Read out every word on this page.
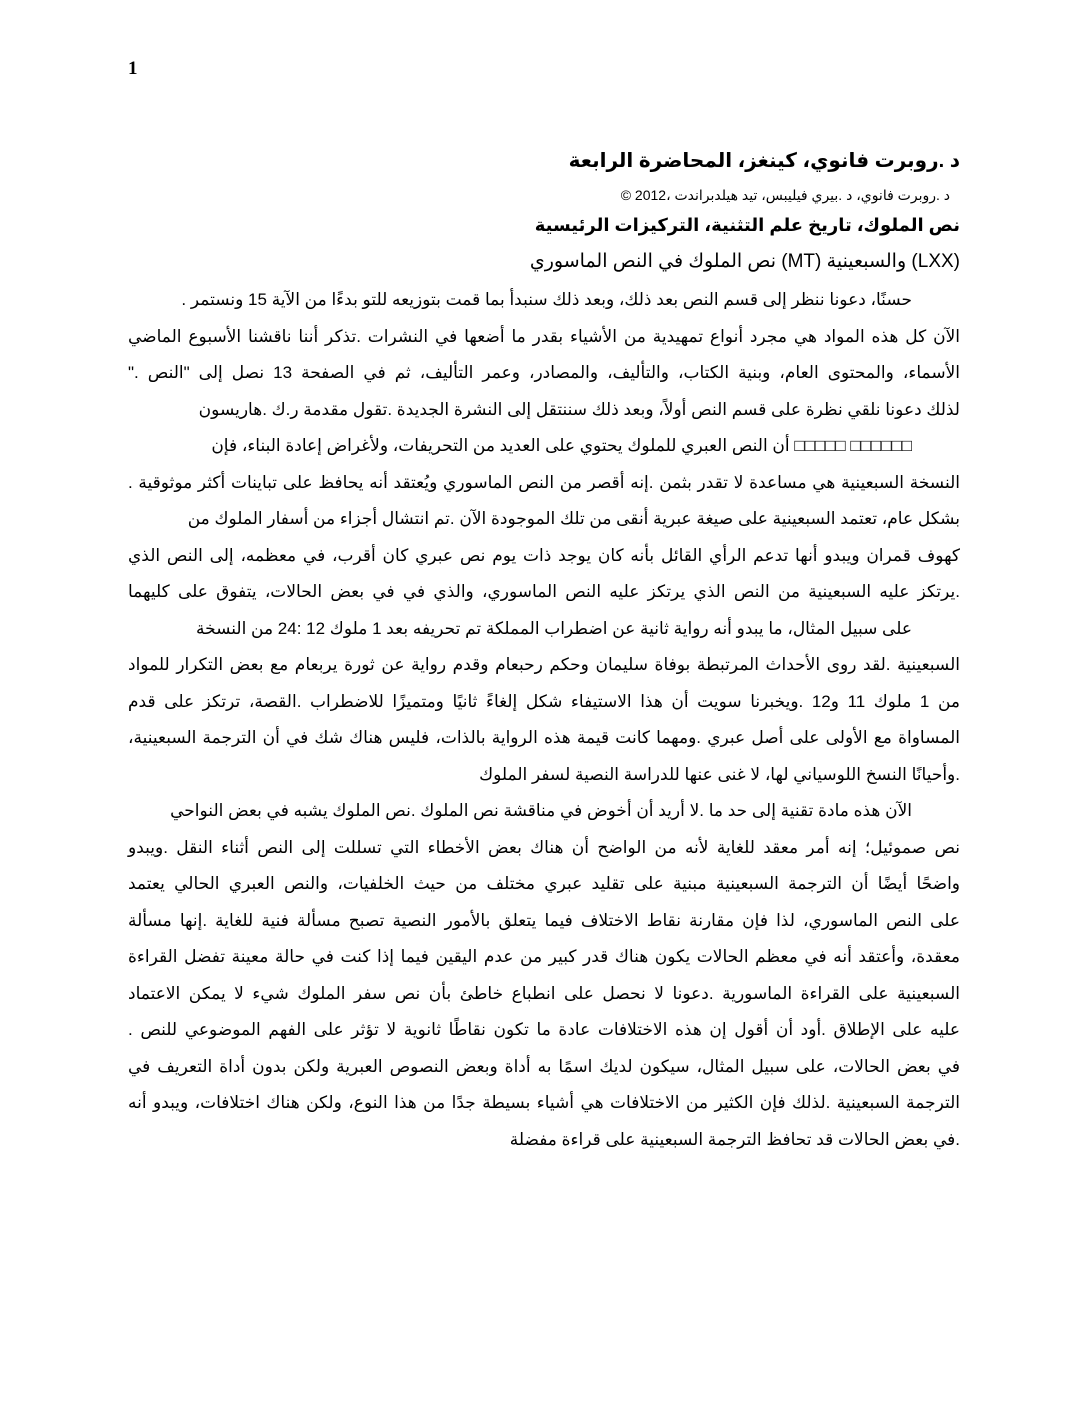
1

د .روبرت فانوي، كينغز، المحاضرة الرابعة

د .روبرت فانوي، د .بيري فيليبس، تيد هيلدبراندت ،2012 ©

نص الملوك، تاريخ علم التثنية، التركيزات الرئيسية

(LXX) والسبعينية (MT) نص الملوك في النص الماسوري

حسنًا، دعونا ننظر إلى قسم النص بعد ذلك، وبعد ذلك سنبدأ بما قمت بتوزيعه للتو بدءًا من الآية 15 ونستمر .
الآن كل هذه المواد هي مجرد أنواع تمهيدية من الأشياء بقدر ما أضعها في النشرات .تذكر أننا ناقشنا الأسبوع الماضي
الأسماء، والمحتوى العام، وبنية الكتاب، والتأليف، والمصادر، وعمر التأليف، ثم في الصفحة 13 نصل إلى "النص ."
لذلك دعونا نلقي نظرة على قسم النص أولاً، وبعد ذلك سننتقل إلى النشرة الجديدة .تقول مقدمة ر.ك .هاريسون
□□□□□□ □□□□□ أن النص العبري للملوك يحتوي على العديد من التحريفات، ولأغراض إعادة البناء، فإن
النسخة السبعينية هي مساعدة لا تقدر بثمن .إنه أقصر من النص الماسوري ويُعتقد أنه يحافظ على تباينات أكثر موثوقية .
بشكل عام، تعتمد السبعينية على صيغة عبرية أنقى من تلك الموجودة الآن .تم انتشال أجزاء من أسفار الملوك من
كهوف قمران ويبدو أنها تدعم الرأي القائل بأنه كان يوجد ذات يوم نص عبري كان أقرب، في معظمه، إلى النص الذي
.يرتكز عليه السبعينية من النص الذي يرتكز عليه النص الماسوري، والذي في في بعض الحالات، يتفوق على كليهما
على سبيل المثال، ما يبدو أنه رواية ثانية عن اضطراب المملكة تم تحريفه بعد 1 ملوك 12 :24 من النسخة
السبعينية .لقد روى الأحداث المرتبطة بوفاة سليمان وحكم رحبعام وقدم رواية عن ثورة يربعام مع بعض التكرار للمواد
من 1 ملوك 11 و12 .ويخبرنا سويت أن هذا الاستيفاء شكل إلغاءً ثانيًا ومتميزًا للاضطراب .القصة، ترتكز على قدم
المساواة مع الأولى على أصل عبري .ومهما كانت قيمة هذه الرواية بالذات، فليس هناك شك في أن الترجمة السبعينية،
.وأحيانًا النسخ اللوسياني لها، لا غنى عنها للدراسة النصية لسفر الملوك
الآن هذه مادة تقنية إلى حد ما .لا أريد أن أخوض في مناقشة نص الملوك .نص الملوك يشبه في بعض النواحي
نص صموئيل؛ إنه أمر معقد للغاية لأنه من الواضح أن هناك بعض الأخطاء التي تسللت إلى النص أثناء النقل .ويبدو
واضحًا أيضًا أن الترجمة السبعينية مبنية على تقليد عبري مختلف من حيث الخلفيات، والنص العبري الحالي يعتمد
على النص الماسوري، لذا فإن مقارنة نقاط الاختلاف فيما يتعلق بالأمور النصية تصبح مسألة فنية للغاية .إنها مسألة
معقدة، وأعتقد أنه في معظم الحالات يكون هناك قدر كبير من عدم اليقين فيما إذا كنت في حالة معينة تفضل القراءة
السبعينية على القراءة الماسورية .دعونا لا نحصل على انطباع خاطئ بأن نص سفر الملوك شيء لا يمكن الاعتماد
عليه على الإطلاق .أود أن أقول إن هذه الاختلافات عادة ما تكون نقاطًا ثانوية لا تؤثر على الفهم الموضوعي للنص .
في بعض الحالات، على سبيل المثال، سيكون لديك اسمًا به أداة وبعض النصوص العبرية ولكن بدون أداة التعريف في
الترجمة السبعينية .لذلك فإن الكثير من الاختلافات هي أشياء بسيطة جدًا من هذا النوع، ولكن هناك اختلافات، ويبدو أنه
.في بعض الحالات قد تحافظ الترجمة السبعينية على قراءة مفضلة
